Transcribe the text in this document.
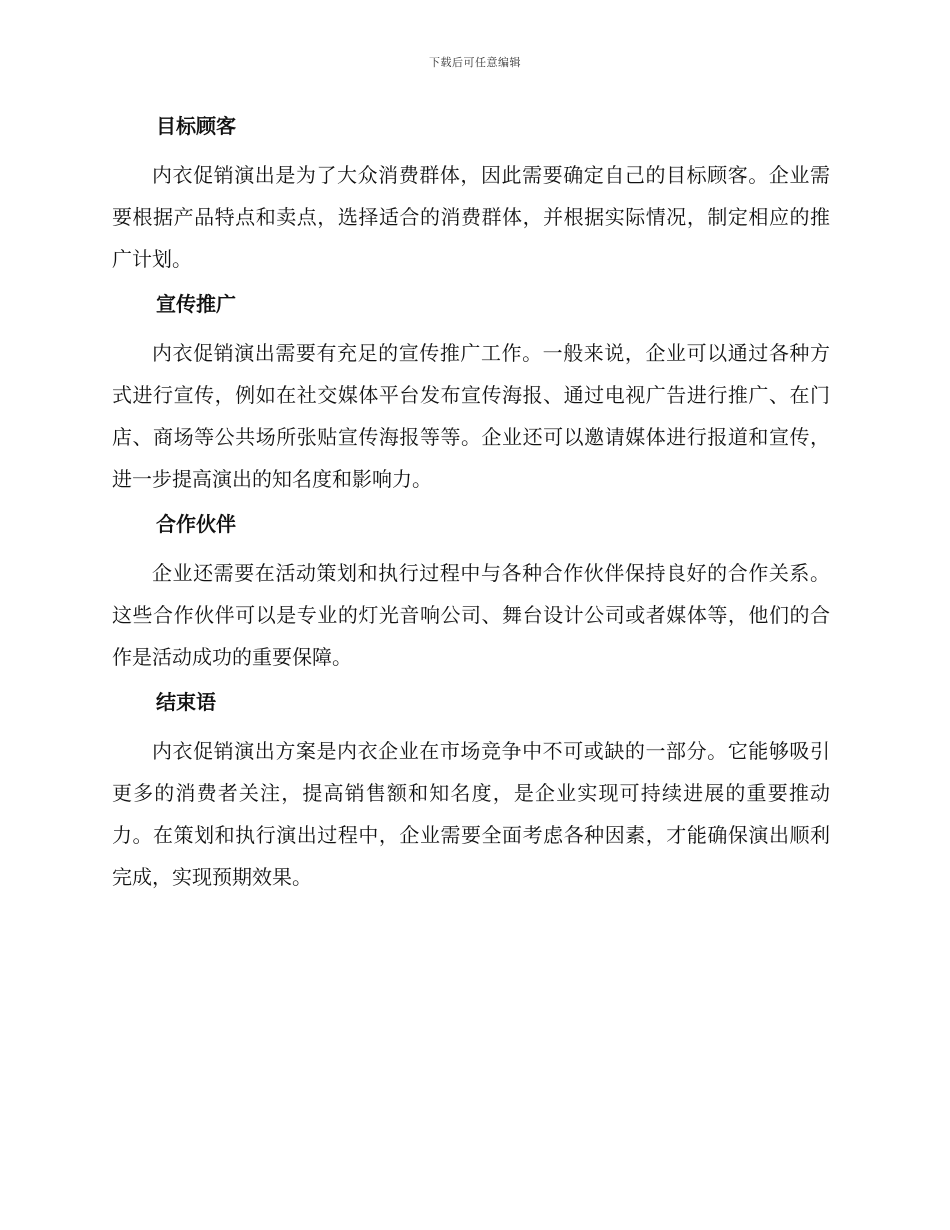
下载后可任意编辑
目标顾客

内衣促销演出是为了大众消费群体，因此需要确定自己的目标顾客。企业需要根据产品特点和卖点，选择适合的消费群体，并根据实际情况，制定相应的推广计划。

宣传推广

内衣促销演出需要有充足的宣传推广工作。一般来说，企业可以通过各种方式进行宣传，例如在社交媒体平台发布宣传海报、通过电视广告进行推广、在门店、商场等公共场所张贴宣传海报等等。企业还可以邀请媒体进行报道和宣传，进一步提高演出的知名度和影响力。

合作伙伴

企业还需要在活动策划和执行过程中与各种合作伙伴保持良好的合作关系。这些合作伙伴可以是专业的灯光音响公司、舞台设计公司或者媒体等，他们的合作是活动成功的重要保障。

结束语

内衣促销演出方案是内衣企业在市场竞争中不可或缺的一部分。它能够吸引更多的消费者关注，提高销售额和知名度，是企业实现可持续进展的重要推动力。在策划和执行演出过程中，企业需要全面考虑各种因素，才能确保演出顺利完成，实现预期效果。
